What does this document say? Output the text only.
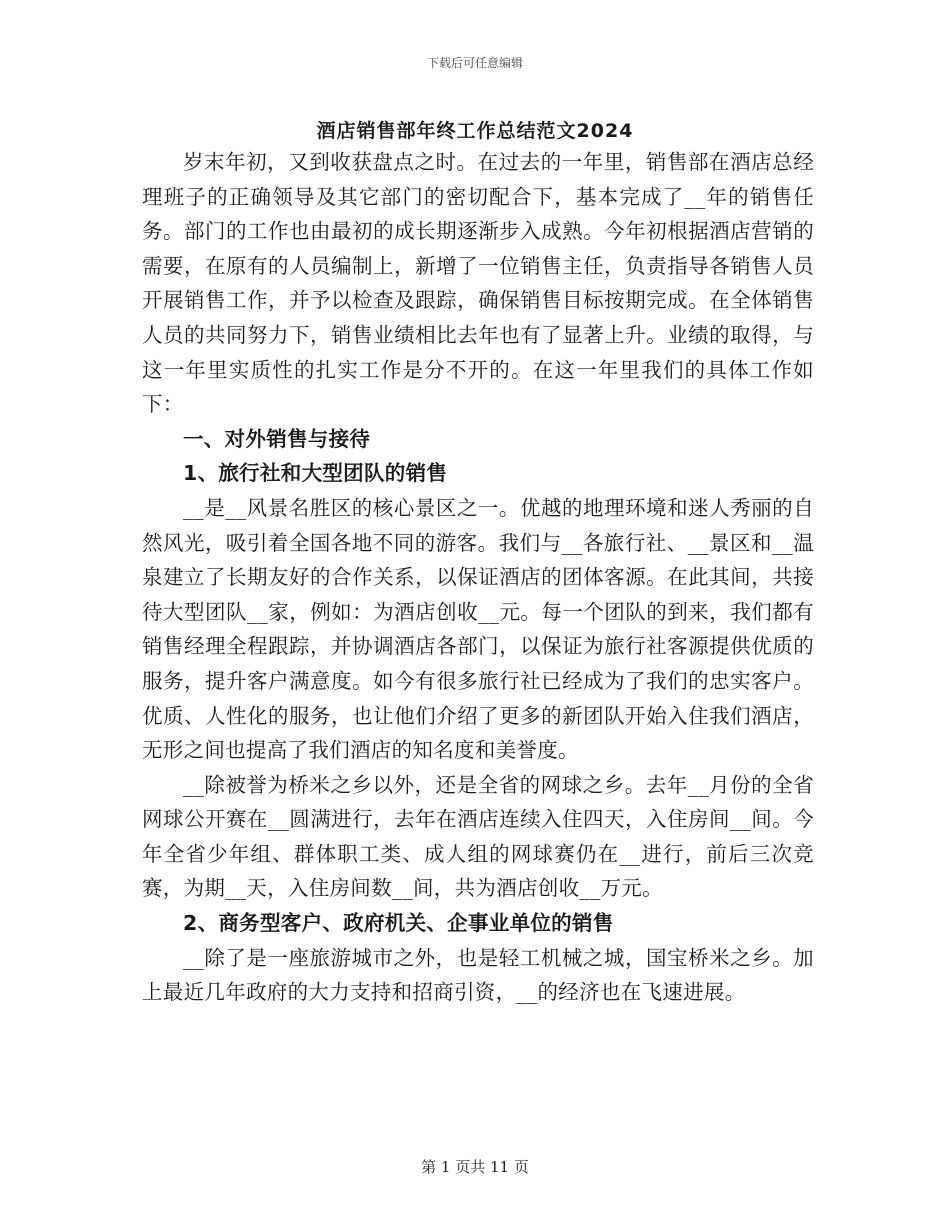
下载后可任意编辑
酒店销售部年终工作总结范文2024

岁末年初，又到收获盘点之时。在过去的一年里，销售部在酒店总经理班子的正确领导及其它部门的密切配合下，基本完成了__年的销售任务。部门的工作也由最初的成长期逐渐步入成熟。今年初根据酒店营销的需要，在原有的人员编制上，新增了一位销售主任，负责指导各销售人员开展销售工作，并予以检查及跟踪，确保销售目标按期完成。在全体销售人员的共同努力下，销售业绩相比去年也有了显著上升。业绩的取得，与这一年里实质性的扎实工作是分不开的。在这一年里我们的具体工作如下：

一、对外销售与接待

1、旅行社和大型团队的销售

__是__风景名胜区的核心景区之一。优越的地理环境和迷人秀丽的自然风光，吸引着全国各地不同的游客。我们与__各旅行社、__景区和__温泉建立了长期友好的合作关系，以保证酒店的团体客源。在此其间，共接待大型团队__家，例如：为酒店创收__元。每一个团队的到来，我们都有销售经理全程跟踪，并协调酒店各部门，以保证为旅行社客源提供优质的服务，提升客户满意度。如今有很多旅行社已经成为了我们的忠实客户。优质、人性化的服务，也让他们介绍了更多的新团队开始入住我们酒店，无形之间也提高了我们酒店的知名度和美誉度。

__除被誉为桥米之乡以外，还是全省的网球之乡。去年__月份的全省网球公开赛在__圆满进行，去年在酒店连续入住四天，入住房间__间。今年全省少年组、群体职工类、成人组的网球赛仍在__进行，前后三次竞赛，为期__天，入住房间数__间，共为酒店创收__万元。

2、商务型客户、政府机关、企事业单位的销售

__除了是一座旅游城市之外，也是轻工机械之城，国宝桥米之乡。加上最近几年政府的大力支持和招商引资，__的经济也在飞速进展。

第 1 页共 11 页
